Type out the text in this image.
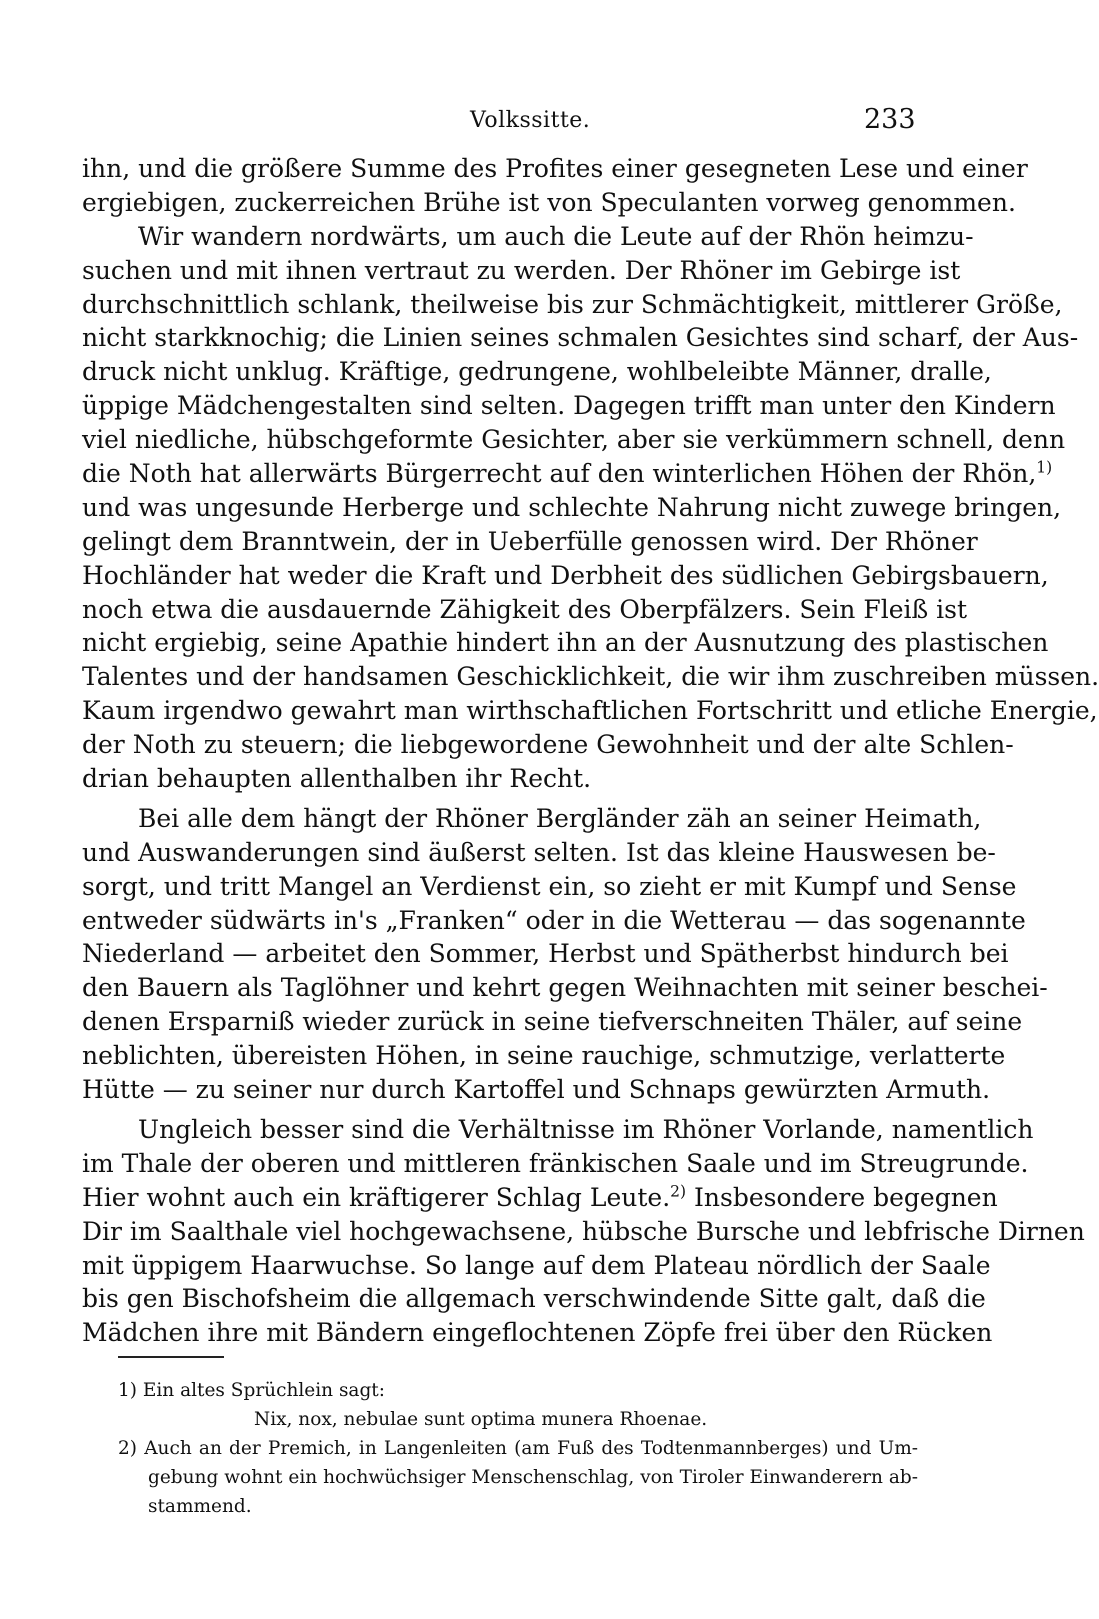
Volkssitte.	233
ihn, und die größere Summe des Profites einer gesegneten Lese und einer
ergiebigen, zuckerreichen Brühe ist von Speculanten vorweg genommen.
Wir wandern nordwärts, um auch die Leute auf der Rhön heimzu-
suchen und mit ihnen vertraut zu werden. Der Rhöner im Gebirge ist
durchschnittlich schlank, theilweise bis zur Schmächtigkeit, mittlerer Größe,
nicht starkknochig; die Linien seines schmalen Gesichtes sind scharf, der Aus-
druck nicht unklug. Kräftige, gedrungene, wohlbeleibte Männer, dralle,
üppige Mädchengestalten sind selten. Dagegen trifft man unter den Kindern
viel niedliche, hübschgeformte Gesichter, aber sie verkümmern schnell, denn
die Noth hat allerwärts Bürgerrecht auf den winterlichen Höhen der Rhön,$^{1)}$
und was ungesunde Herberge und schlechte Nahrung nicht zuwege bringen,
gelingt dem Branntwein, der in Ueberfülle genossen wird. Der Rhöner
Hochländer hat weder die Kraft und Derbheit des südlichen Gebirgsbauern,
noch etwa die ausdauernde Zähigkeit des Oberpfälzers. Sein Fleiß ist
nicht ergiebig, seine Apathie hindert ihn an der Ausnutzung des plastischen
Talentes und der handsamen Geschicklichkeit, die wir ihm zuschreiben müssen.
Kaum irgendwo gewahrt man wirthschaftlichen Fortschritt und etliche Energie,
der Noth zu steuern; die liebgewordene Gewohnheit und der alte Schlen-
drian behaupten allenthalben ihr Recht.
Bei alle dem hängt der Rhöner Bergländer zäh an seiner Heimath,
und Auswanderungen sind äußerst selten. Ist das kleine Hauswesen be-
sorgt, und tritt Mangel an Verdienst ein, so zieht er mit Kumpf und Sense
entweder südwärts in's „Franken“ oder in die Wetterau — das sogenannte
Niederland — arbeitet den Sommer, Herbst und Spätherbst hindurch bei
den Bauern als Taglöhner und kehrt gegen Weihnachten mit seiner beschei-
denen Ersparniß wieder zurück in seine tiefverschneiten Thäler, auf seine
neblichten, übereisten Höhen, in seine rauchige, schmutzige, verlatterte
Hütte — zu seiner nur durch Kartoffel und Schnaps gewürzten Armuth.
Ungleich besser sind die Verhältnisse im Rhöner Vorlande, namentlich
im Thale der oberen und mittleren fränkischen Saale und im Streugrunde.
Hier wohnt auch ein kräftigerer Schlag Leute.$^{2)}$ Insbesondere begegnen
Dir im Saalthale viel hochgewachsene, hübsche Bursche und lebfrische Dirnen
mit üppigem Haarwuchse. So lange auf dem Plateau nördlich der Saale
bis gen Bischofsheim die allgemach verschwindende Sitte galt, daß die
Mädchen ihre mit Bändern eingeflochtenen Zöpfe frei über den Rücken
1) Ein altes Sprüchlein sagt:
Nix, nox, nebulae sunt optima munera Rhoenae.
2) Auch an der Premich, in Langenleiten (am Fuß des Todtenmannberges) und Um-
gebung wohnt ein hochwüchsiger Menschenschlag, von Tiroler Einwanderern ab-
stammend.
